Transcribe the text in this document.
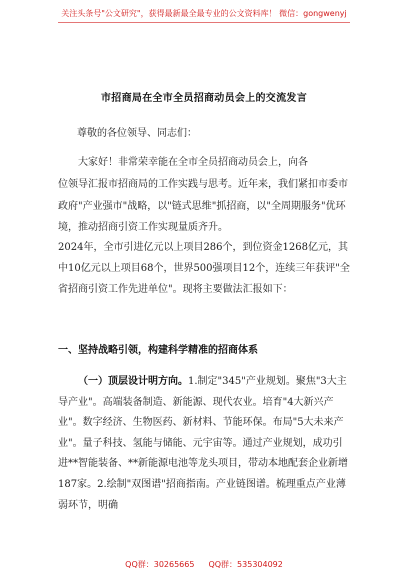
关注头条号"公文研究"，获得最新最全最专业的公文资料库！ 微信：gongwenyj
市招商局在全市全员招商动员会上的交流发言
尊敬的各位领导、同志们：
大家好！非常荣幸能在全市全员招商动员会上，向各
位领导汇报市招商局的工作实践与思考。近年来，我们紧扣市委市政府"产业强市"战略，以"链式思维"抓招商，以"全周期服务"优环境，推动招商引资工作实现量质齐升。
2024年，全市引进亿元以上项目286个，到位资金1268亿元，其中10亿元以上项目68个，世界500强项目12个，连续三年获评"全省招商引资工作先进单位"。现将主要做法汇报如下：
一、坚持战略引领，构建科学精准的招商体系
（一）顶层设计明方向。1.制定"345"产业规划。聚焦"3大主导产业"。高端装备制造、新能源、现代农业。培育"4大新兴产业"。数字经济、生物医药、新材料、节能环保。布局"5大未来产业"。量子科技、氢能与储能、元宇宙等。通过产业规划，成功引进**智能装备、**新能源电池等龙头项目，带动本地配套企业新增187家。2.绘制"双图谱"招商指南。产业链图谱。梳理重点产业薄弱环节，明确
QQ群：30265665 QQ群：535304092
